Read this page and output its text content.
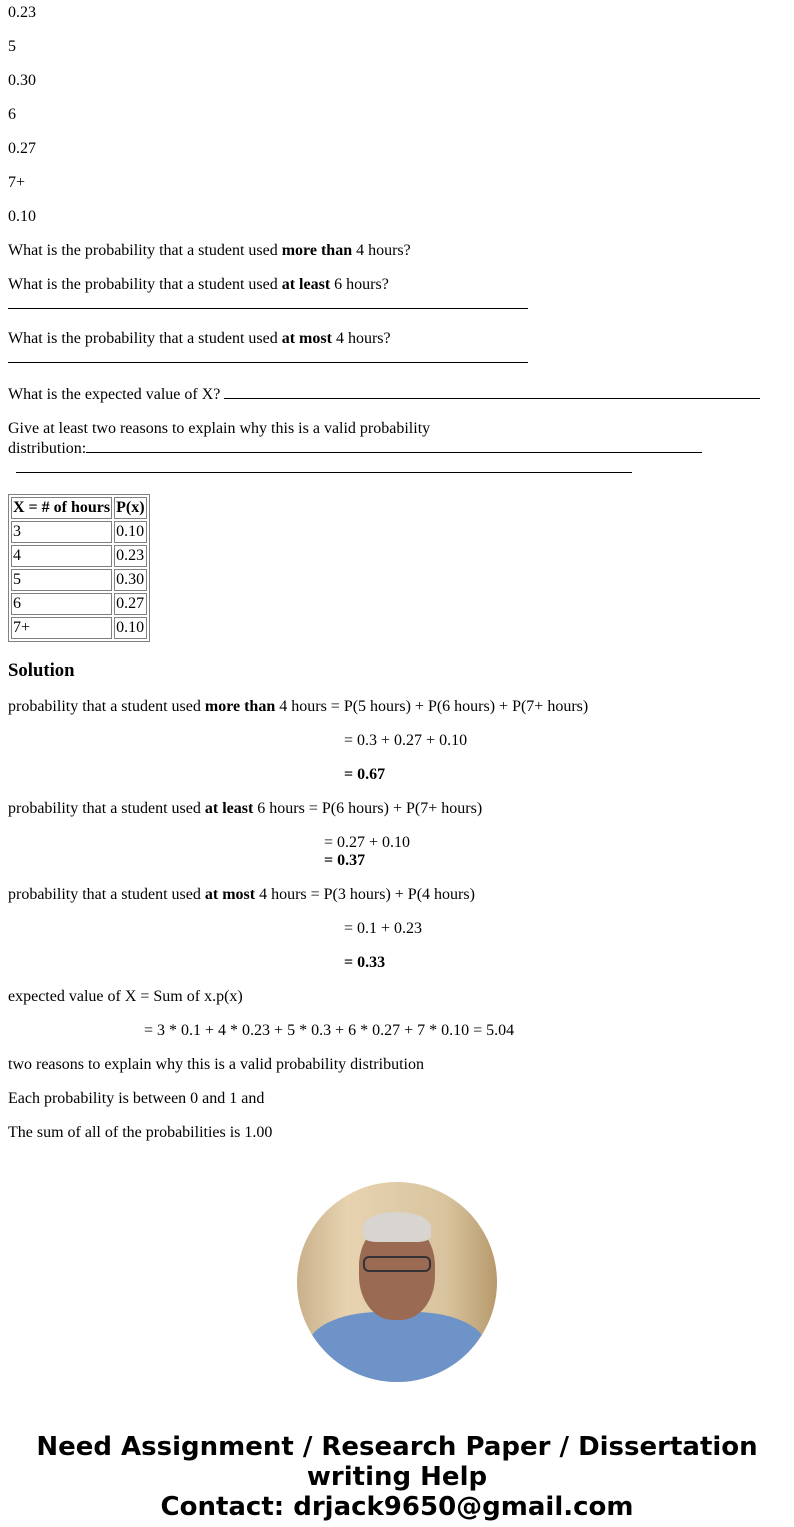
0.23

5

0.30

6

0.27

7+

0.10

What is the probability that a student used more than 4 hours?

What is the probability that a student used at least 6 hours?

What is the probability that a student used at most 4 hours?

What is the expected value of X?

Give at least two reasons to explain why this is a valid probability
distribution:

X = # of hours	P(x)
3	0.10
4	0.23
5	0.30
6	0.27
7+	0.10
Solution

probability that a student used more than 4 hours = P(5 hours) + P(6 hours) + P(7+ hours)

= 0.3 + 0.27 + 0.10

= 0.67

probability that a student used at least 6 hours = P(6 hours) + P(7+ hours)

= 0.27 + 0.10
= 0.37

probability that a student used at most 4 hours = P(3 hours) + P(4 hours)

= 0.1 + 0.23

= 0.33

expected value of X = Sum of x.p(x)

= 3 * 0.1 + 4 * 0.23 + 5 * 0.3 + 6 * 0.27 + 7 * 0.10 = 5.04

two reasons to explain why this is a valid probability distribution

Each probability is between 0 and 1 and

The sum of all of the probabilities is 1.00

Need Assignment / Research Paper / Dissertation
writing Help
Contact: drjack9650@gmail.com
